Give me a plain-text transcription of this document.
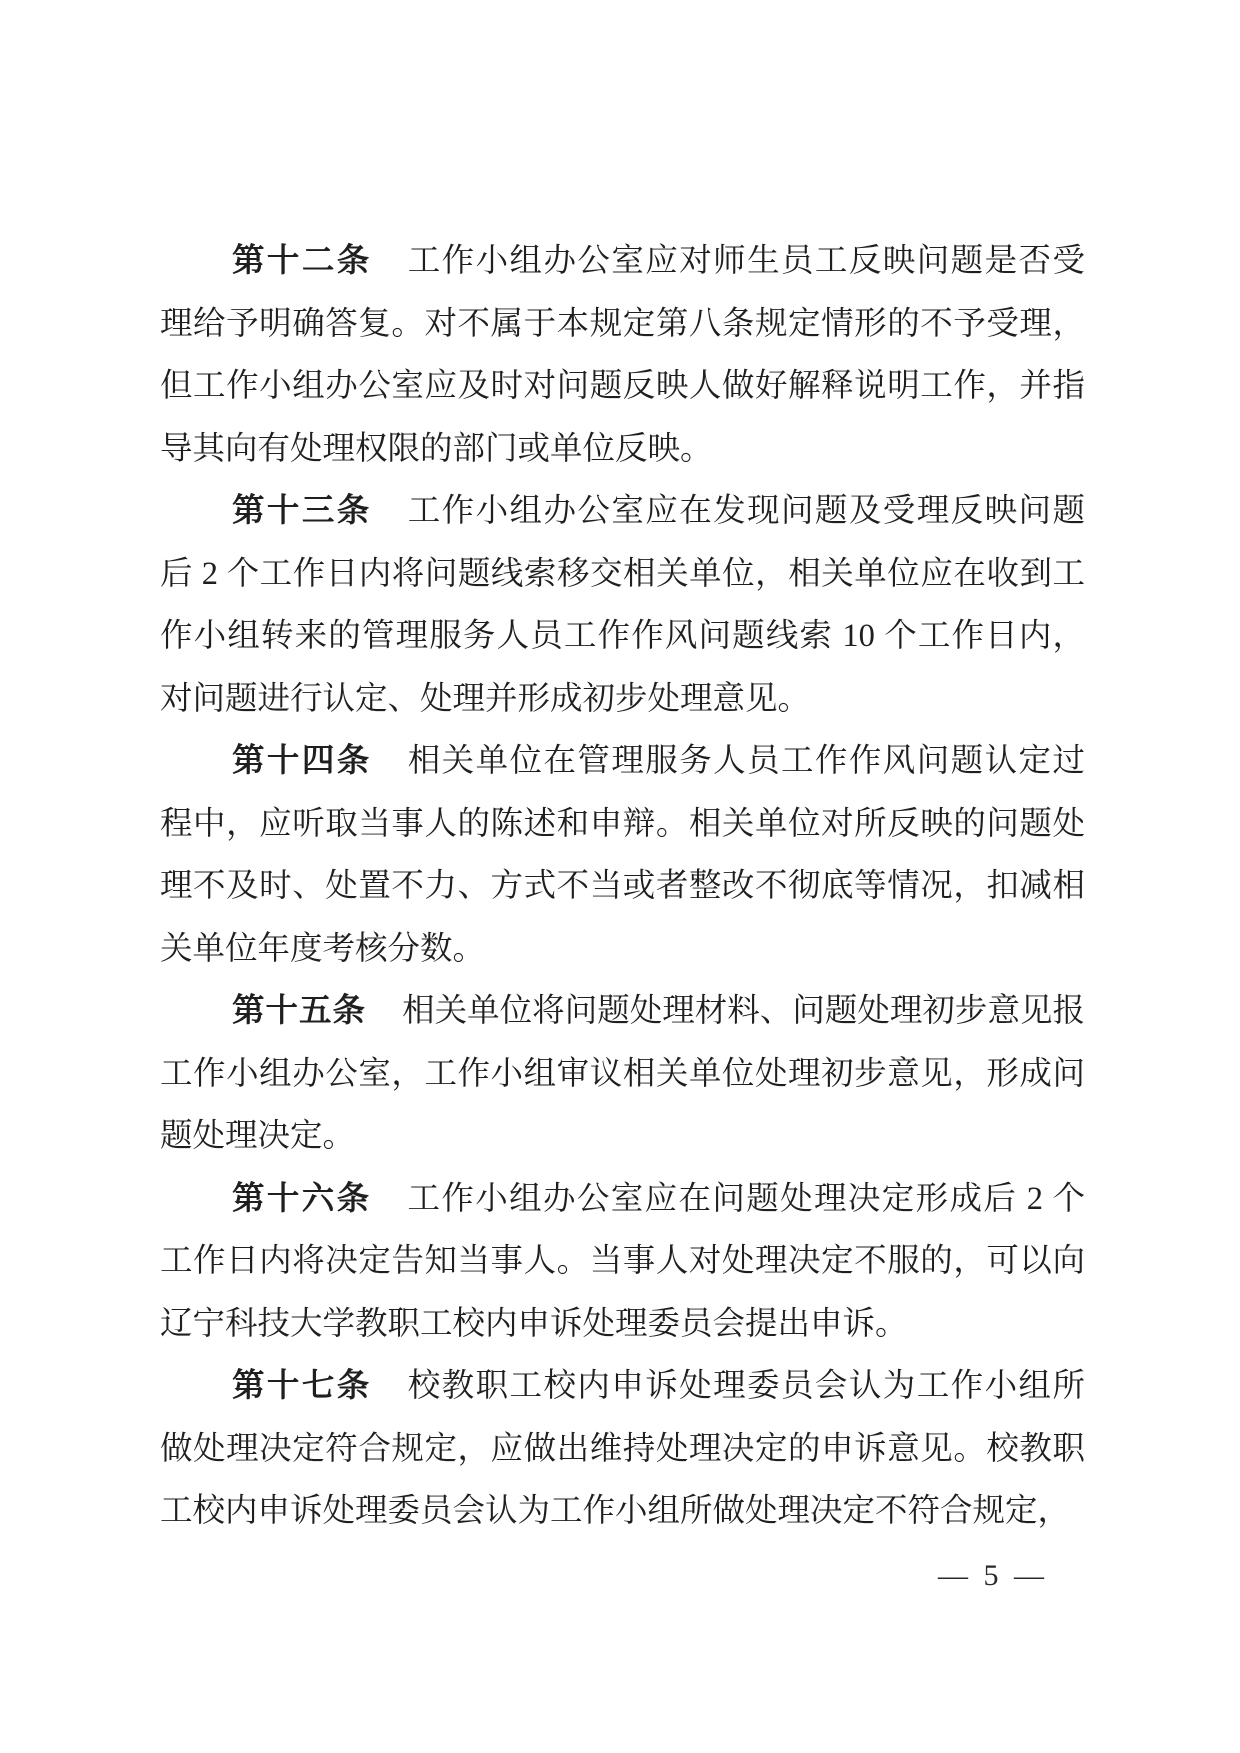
第十二条 工作小组办公室应对师生员工反映问题是否受
理给予明确答复。对不属于本规定第八条规定情形的不予受理，
但工作小组办公室应及时对问题反映人做好解释说明工作，并指
导其向有处理权限的部门或单位反映。
第十三条 工作小组办公室应在发现问题及受理反映问题
后 2 个工作日内将问题线索移交相关单位，相关单位应在收到工
作小组转来的管理服务人员工作作风问题线索 10 个工作日内，
对问题进行认定、处理并形成初步处理意见。
第十四条 相关单位在管理服务人员工作作风问题认定过
程中，应听取当事人的陈述和申辩。相关单位对所反映的问题处
理不及时、处置不力、方式不当或者整改不彻底等情况，扣减相
关单位年度考核分数。
第十五条 相关单位将问题处理材料、问题处理初步意见报
工作小组办公室，工作小组审议相关单位处理初步意见，形成问
题处理决定。
第十六条 工作小组办公室应在问题处理决定形成后 2 个
工作日内将决定告知当事人。当事人对处理决定不服的，可以向
辽宁科技大学教职工校内申诉处理委员会提出申诉。
第十七条 校教职工校内申诉处理委员会认为工作小组所
做处理决定符合规定，应做出维持处理决定的申诉意见。校教职
工校内申诉处理委员会认为工作小组所做处理决定不符合规定，
— 5 —
